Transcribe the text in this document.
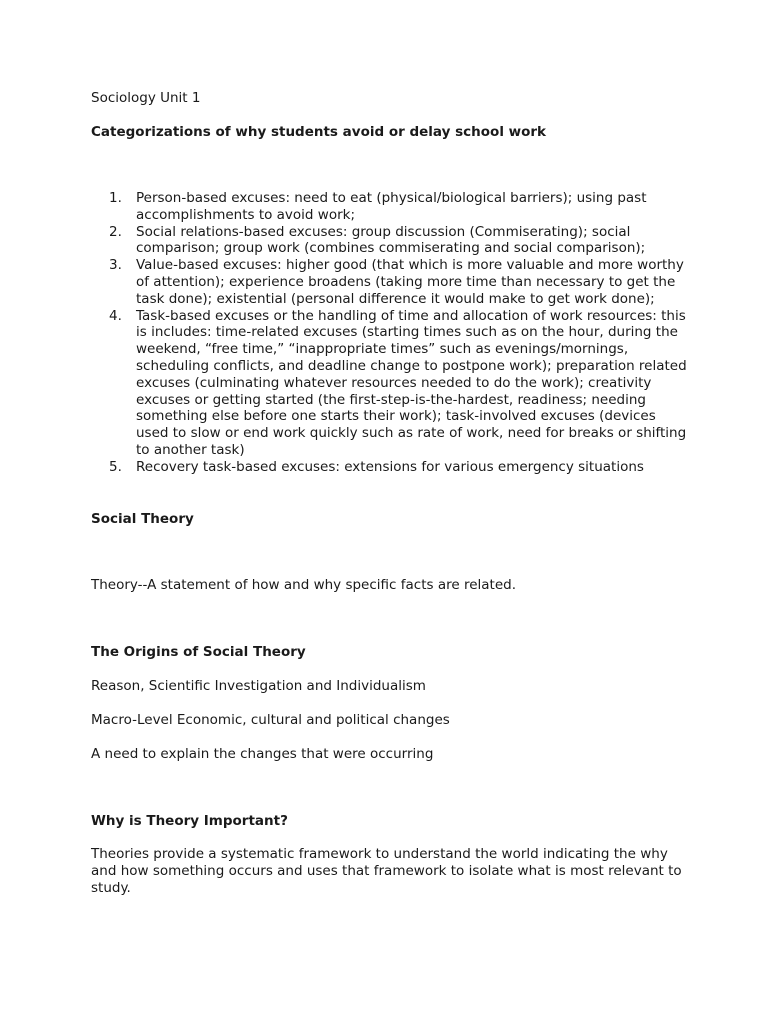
Sociology Unit 1

Categorizations of why students avoid or delay school work

1.	Person-based excuses: need to eat (physical/biological barriers); using past accomplishments to avoid work;
2.	Social relations-based excuses: group discussion (Commiserating); social comparison; group work (combines commiserating and social comparison);
3.	Value-based excuses: higher good (that which is more valuable and more worthy of attention); experience broadens (taking more time than necessary to get the task done); existential (personal difference it would make to get work done);
4.	Task-based excuses or the handling of time and allocation of work resources: this is includes: time-related excuses (starting times such as on the hour, during the weekend, “free time,” “inappropriate times” such as evenings/mornings, scheduling conflicts, and deadline change to postpone work); preparation related excuses (culminating whatever resources needed to do the work); creativity excuses or getting started (the first-step-is-the-hardest, readiness; needing something else before one starts their work); task-involved excuses (devices used to slow or end work quickly such as rate of work, need for breaks or shifting to another task)
5.	Recovery task-based excuses: extensions for various emergency situations

Social Theory

Theory--A statement of how and why specific facts are related.

The Origins of Social Theory

Reason, Scientific Investigation and Individualism

Macro-Level Economic, cultural and political changes

A need to explain the changes that were occurring

Why is Theory Important?

Theories provide a systematic framework to understand the world indicating the why and how something occurs and uses that framework to isolate what is most relevant to study.
